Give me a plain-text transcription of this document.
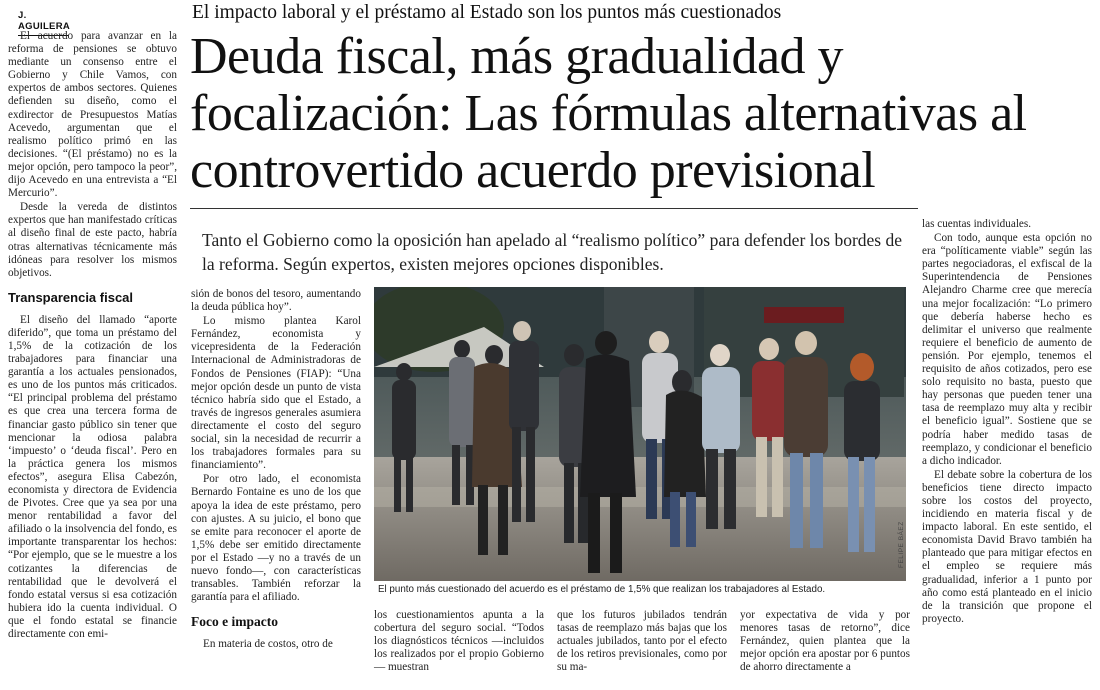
J. AGUILERA
El impacto laboral y el préstamo al Estado son los puntos más cuestionados
Deuda fiscal, más gradualidad y focalización: Las fórmulas alternativas al controvertido acuerdo previsional
Tanto el Gobierno como la oposición han apelado al “realismo político” para defender los bordes de la reforma. Según expertos, existen mejores opciones disponibles.

El acuerdo para avanzar en la reforma de pensiones se obtuvo mediante un consenso entre el Gobierno y Chile Vamos, con expertos de ambos sectores. Quienes defienden su diseño, como el exdirector de Presupuestos Matías Acevedo, argumentan que el realismo político primó en las decisiones. “(El préstamo) no es la mejor opción, pero tampoco la peor”, dijo Acevedo en una entrevista a “El Mercurio”.

Desde la vereda de distintos expertos que han manifestado críticas al diseño final de este pacto, habría otras alternativas técnicamente más idóneas para resolver los mismos objetivos.

Transparencia fiscal

El diseño del llamado “aporte diferido”, que toma un préstamo del 1,5% de la cotización de los trabajadores para financiar una garantía a los actuales pensionados, es uno de los puntos más criticados. “El principal problema del préstamo es que crea una tercera forma de financiar gasto público sin tener que mencionar la odiosa palabra ‘impuesto’ o ‘deuda fiscal’. Pero en la práctica genera los mismos efectos”, asegura Elisa Cabezón, economista y directora de Evidencia de Pivotes. Cree que ya sea por una menor rentabilidad a favor del afiliado o la insolvencia del fondo, es importante transparentar los hechos: “Por ejemplo, que se le muestre a los cotizantes la diferencias de rentabilidad que le devolverá el fondo estatal versus si esa cotización hubiera ido la cuenta individual. O que el fondo estatal se financie directamente con emi-

sión de bonos del tesoro, aumentando la deuda pública hoy”.

Lo mismo plantea Karol Fernández, economista y vicepresidenta de la Federación Internacional de Administradoras de Fondos de Pensiones (FIAP): “Una mejor opción desde un punto de vista técnico habría sido que el Estado, a través de ingresos generales asumiera directamente el costo del seguro social, sin la necesidad de recurrir a los trabajadores formales para su financiamiento”.

Por otro lado, el economista Bernardo Fontaine es uno de los que apoya la idea de este préstamo, pero con ajustes. A su juicio, el bono que se emite para reconocer el aporte de 1,5% debe ser emitido directamente por el Estado —y no a través de un nuevo fondo—, con características transables. También reforzar la garantía para el afiliado.

Foco e impacto

En materia de costos, otro de

FELIPE BÁEZ
El punto más cuestionado del acuerdo es el préstamo de 1,5% que realizan los trabajadores al Estado.
los cuestionamientos apunta a la cobertura del seguro social. “Todos los diagnósticos técnicos —incluidos los realizados por el propio Gobierno— muestran
que los futuros jubilados tendrán tasas de reemplazo más bajas que los actuales jubilados, tanto por el efecto de los retiros previsionales, como por su ma-
yor expectativa de vida y por menores tasas de retorno”, dice Fernández, quien plantea que la mejor opción era apostar por 6 puntos de ahorro directamente a

las cuentas individuales.

Con todo, aunque esta opción no era “políticamente viable” según las partes negociadoras, el exfiscal de la Superintendencia de Pensiones Alejandro Charme cree que merecía una mejor focalización: “Lo primero que debería haberse hecho es delimitar el universo que realmente requiere el beneficio de aumento de pensión. Por ejemplo, tenemos el requisito de años cotizados, pero ese solo requisito no basta, puesto que hay personas que pueden tener una tasa de reemplazo muy alta y recibir el beneficio igual”. Sostiene que se podría haber medido tasas de reemplazo, y condicionar el beneficio a dicho indicador.

El debate sobre la cobertura de los beneficios tiene directo impacto sobre los costos del proyecto, incidiendo en materia fiscal y de impacto laboral. En este sentido, el economista David Bravo también ha planteado que para mitigar efectos en el empleo se requiere más gradualidad, inferior a 1 punto por año como está planteado en el inicio de la transición que propone el proyecto.
